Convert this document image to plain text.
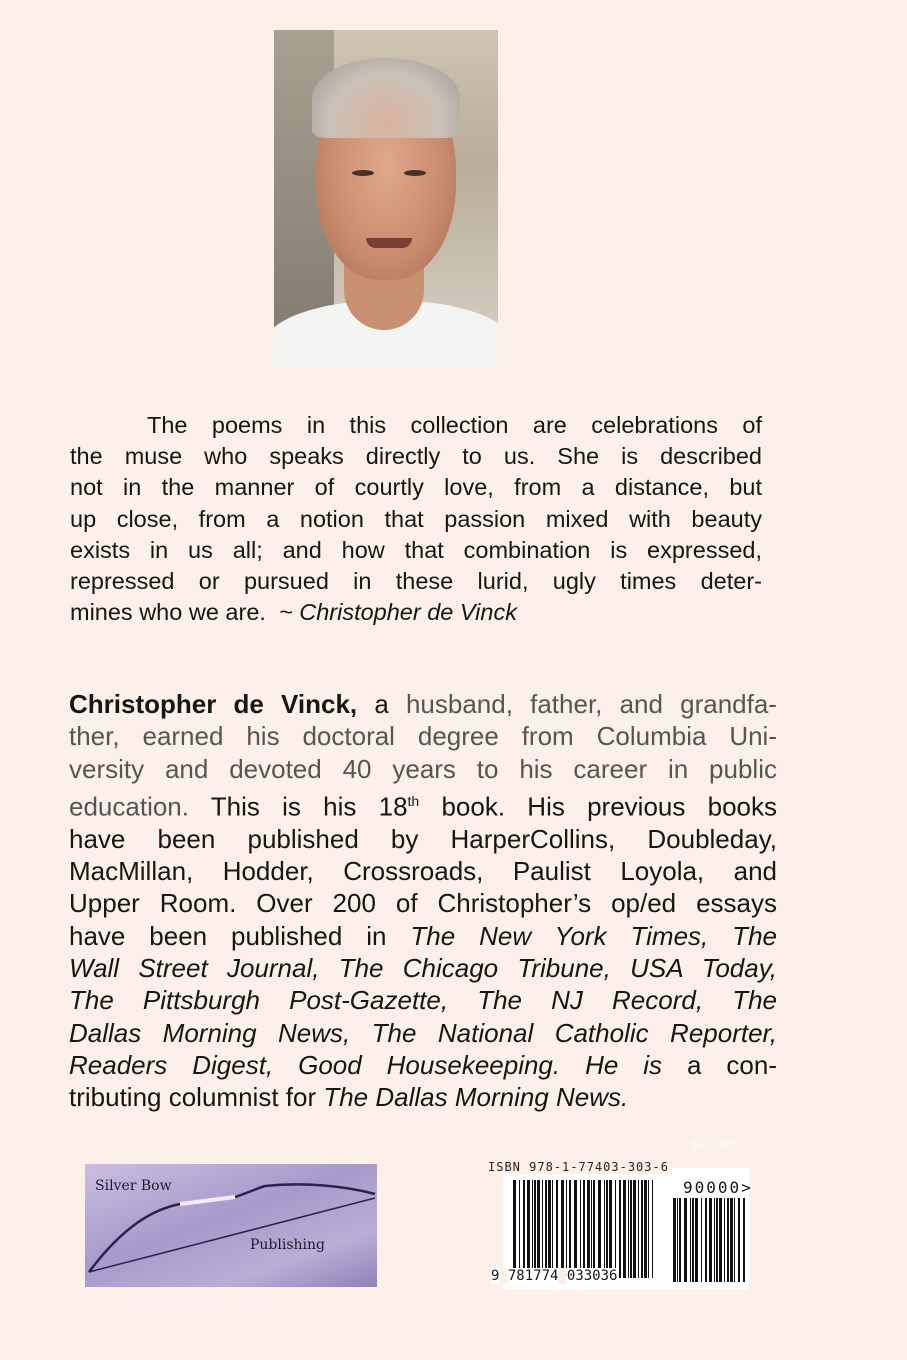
The poems in this collection are celebrations of
the muse who speaks directly to us. She is described
not in the manner of courtly love, from a distance, but
up close, from a notion that passion mixed with beauty
exists in us all; and how that combination is expressed,
repressed or pursued in these lurid, ugly times deter-
mines who we are. ~ Christopher de Vinck
Christopher de Vinck, a husband, father, and grandfa-
ther, earned his doctoral degree from Columbia Uni-
versity and devoted 40 years to his career in public
education. This is his 18th book. His previous books
have been published by HarperCollins, Doubleday,
MacMillan, Hodder, Crossroads, Paulist Loyola, and
Upper Room. Over 200 of Christopher’s op/ed essays
have been published in The New York Times, The
Wall Street Journal, The Chicago Tribune, USA Today,
The Pittsburgh Post-Gazette, The NJ Record, The
Dallas Morning News, The National Catholic Reporter,
Readers Digest, Good Housekeeping. He is a con-
tributing columnist for The Dallas Morning News.
$23.95
Silver Bow
Publishing
ISBN 978-1-77403-303-6
90000>
9 781774 033036
